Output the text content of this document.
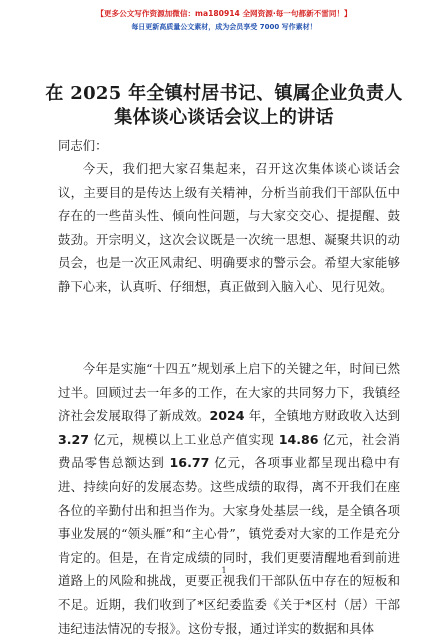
【更多公文写作资源加微信：ma180914 全网资源·每一句都新不雷同！】
每日更新高质量公文素材，成为会员享受 7000 写作素材！
在 2025 年全镇村居书记、镇属企业负责人集体谈心谈话会议上的讲话

同志们：

今天，我们把大家召集起来，召开这次集体谈心谈话会议，主要目的是传达上级有关精神，分析当前我们干部队伍中存在的一些苗头性、倾向性问题，与大家交交心、提提醒、鼓鼓劲。开宗明义，这次会议既是一次统一思想、凝聚共识的动员会，也是一次正风肃纪、明确要求的警示会。希望大家能够静下心来，认真听、仔细想，真正做到入脑入心、见行见效。

今年是实施“十四五”规划承上启下的关键之年，时间已然过半。回顾过去一年多的工作，在大家的共同努力下，我镇经济社会发展取得了新成效。2024 年，全镇地方财政收入达到 3.27 亿元，规模以上工业总产值实现 14.86 亿元，社会消费品零售总额达到 16.77 亿元，各项事业都呈现出稳中有进、持续向好的发展态势。这些成绩的取得，离不开我们在座各位的辛勤付出和担当作为。大家身处基层一线，是全镇各项事业发展的“领头雁”和“主心骨”，镇党委对大家的工作是充分肯定的。但是，在肯定成绩的同时，我们更要清醒地看到前进道路上的风险和挑战，更要正视我们干部队伍中存在的短板和不足。近期，我们收到了*区纪委监委《关于*区村（居）干部违纪违法情况的专报》。这份专报，通过详实的数据和具体

1
